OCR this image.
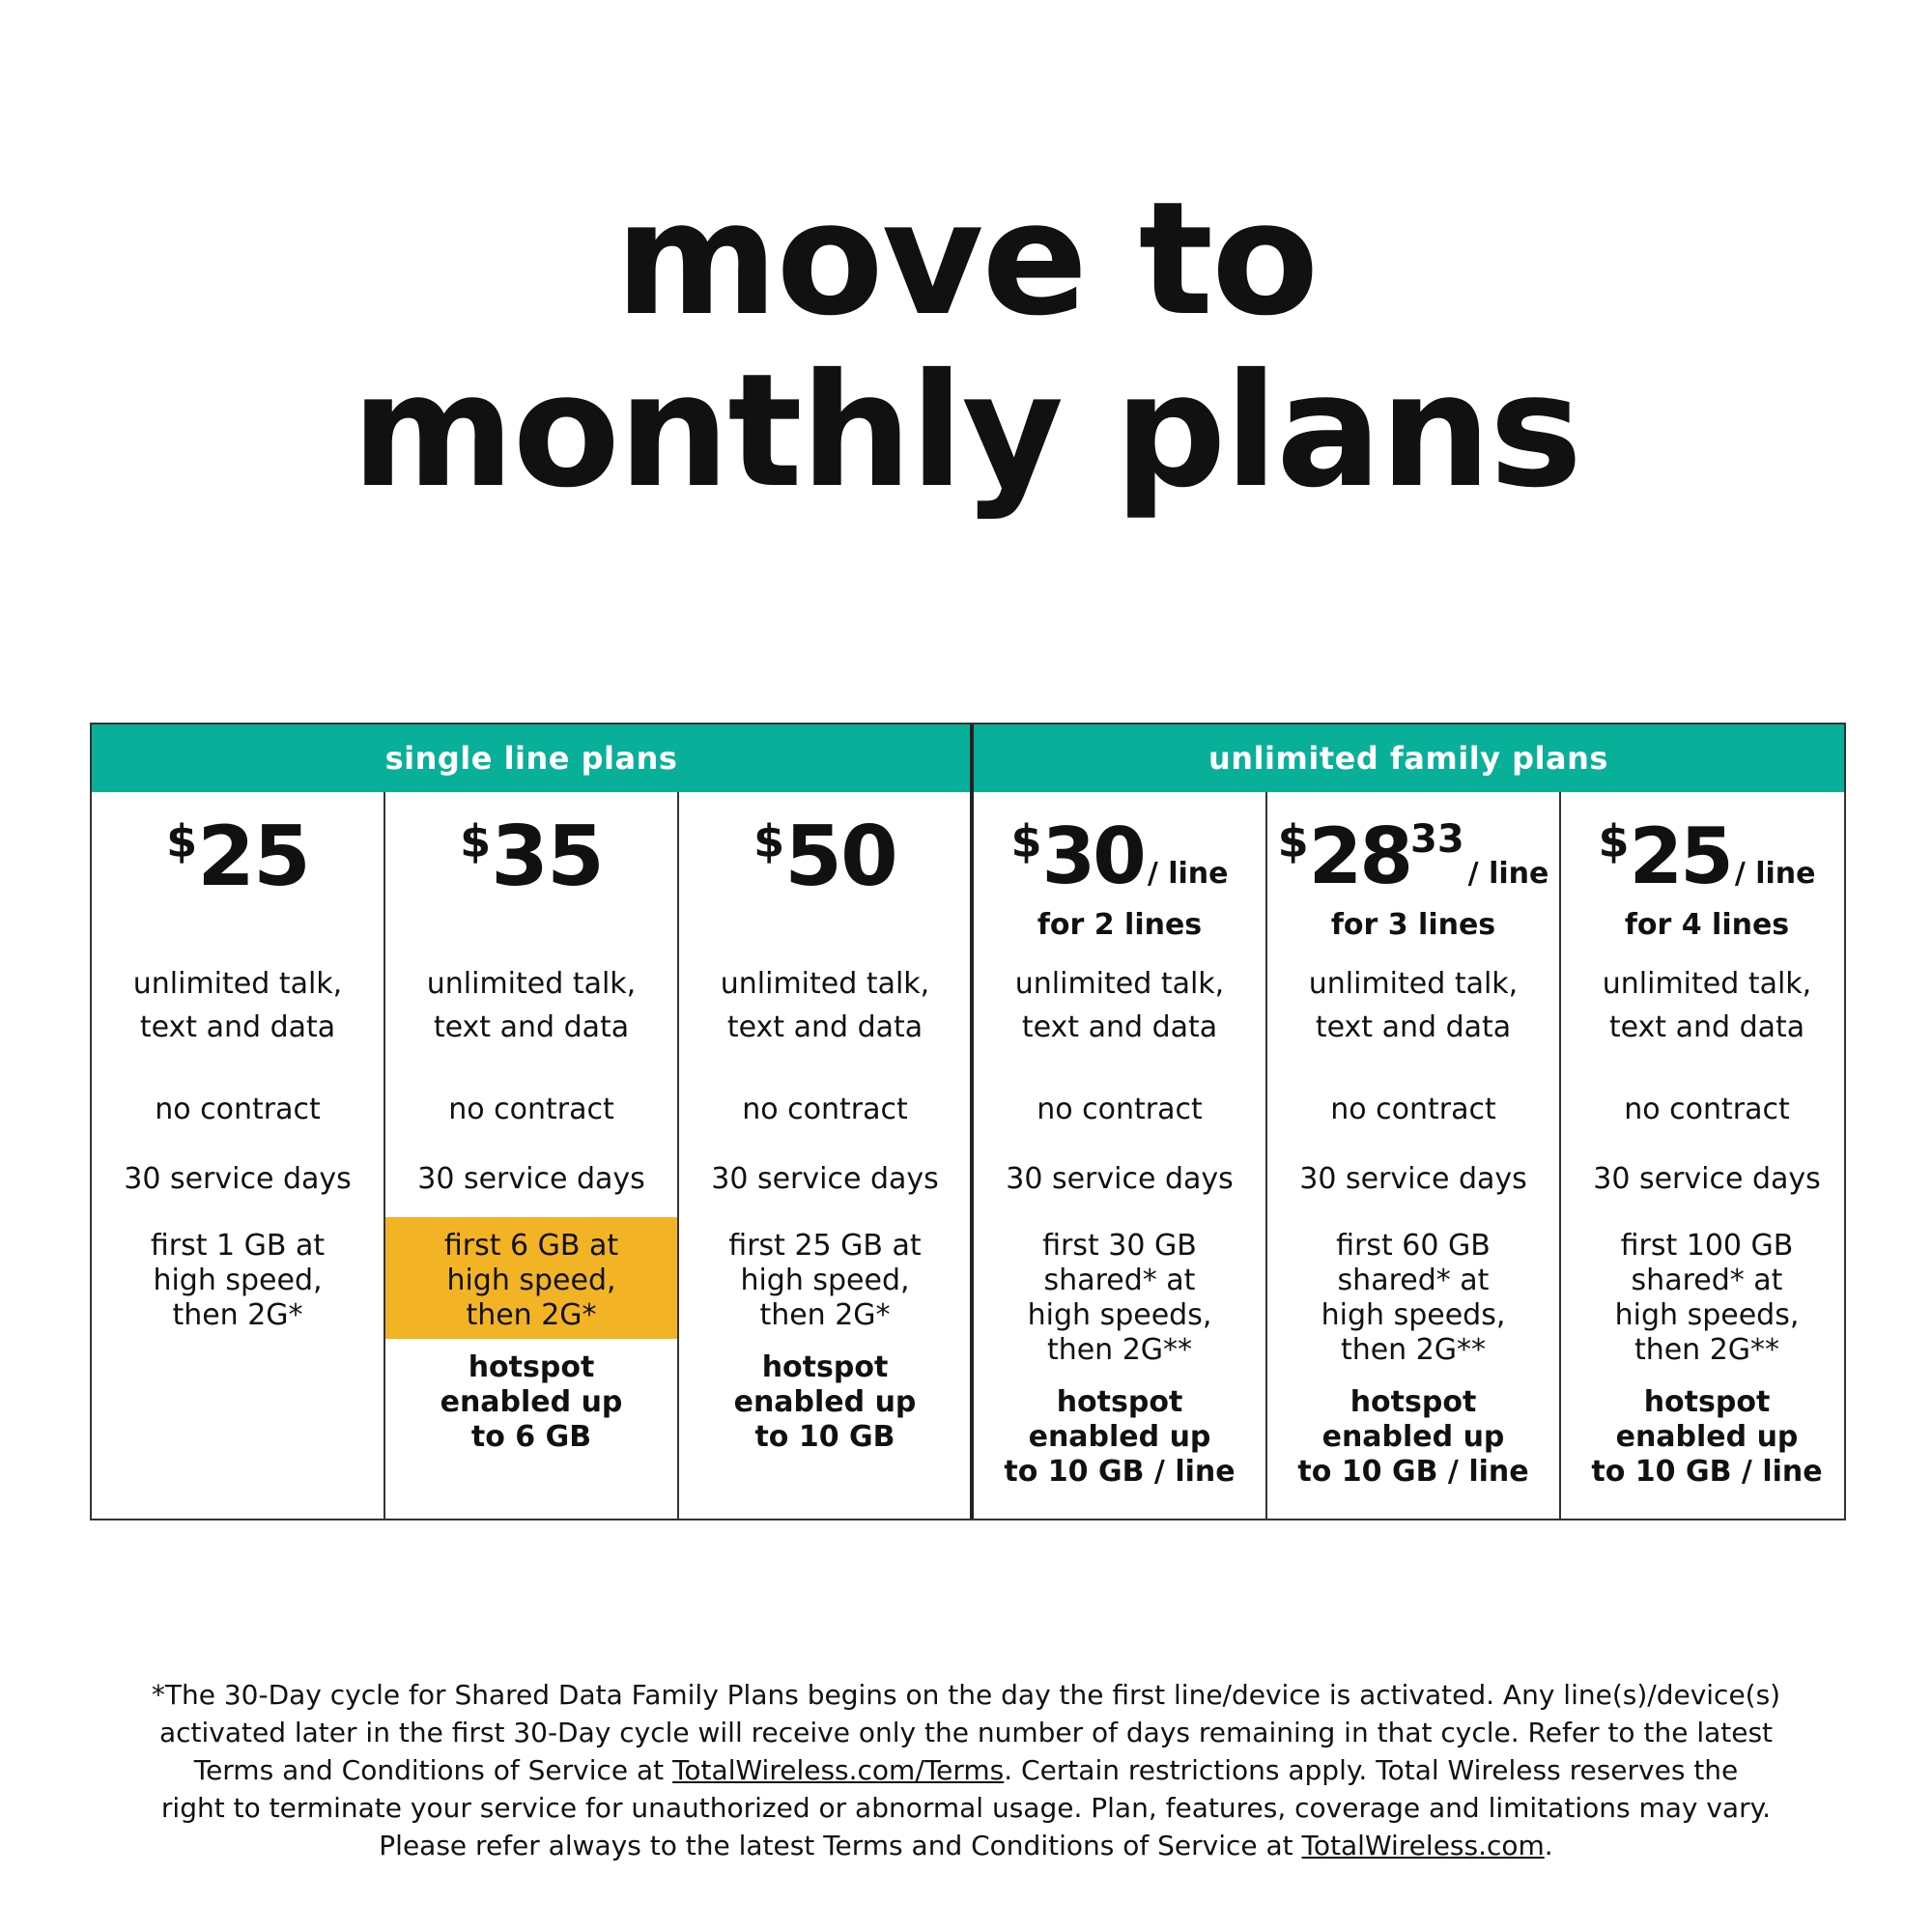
move to
monthly plans
single line plans	unlimited family plans
$25
unlimited talk,
text and data
no contract
30 service days
first 1 GB at
high speed,
then 2G*
$35
unlimited talk,
text and data
no contract
30 service days
first 6 GB at
high speed,
then 2G*
hotspot
enabled up
to 6 GB
$50
unlimited talk,
text and data
no contract
30 service days
first 25 GB at
high speed,
then 2G*
hotspot
enabled up
to 10 GB
$30 / line
for 2 lines
unlimited talk,
text and data
no contract
30 service days
first 30 GB
shared* at
high speeds,
then 2G**
hotspot
enabled up
to 10 GB / line
$2833/ line
for 3 lines
unlimited talk,
text and data
no contract
30 service days
first 60 GB
shared* at
high speeds,
then 2G**
hotspot
enabled up
to 10 GB / line
$25 / line
for 4 lines
unlimited talk,
text and data
no contract
30 service days
first 100 GB
shared* at
high speeds,
then 2G**
hotspot
enabled up
to 10 GB / line
*The 30-Day cycle for Shared Data Family Plans begins on the day the first line/device is activated. Any line(s)/device(s)
activated later in the first 30-Day cycle will receive only the number of days remaining in that cycle. Refer to the latest
Terms and Conditions of Service at TotalWireless.com/Terms. Certain restrictions apply. Total Wireless reserves the
right to terminate your service for unauthorized or abnormal usage. Plan, features, coverage and limitations may vary.
Please refer always to the latest Terms and Conditions of Service at TotalWireless.com.
